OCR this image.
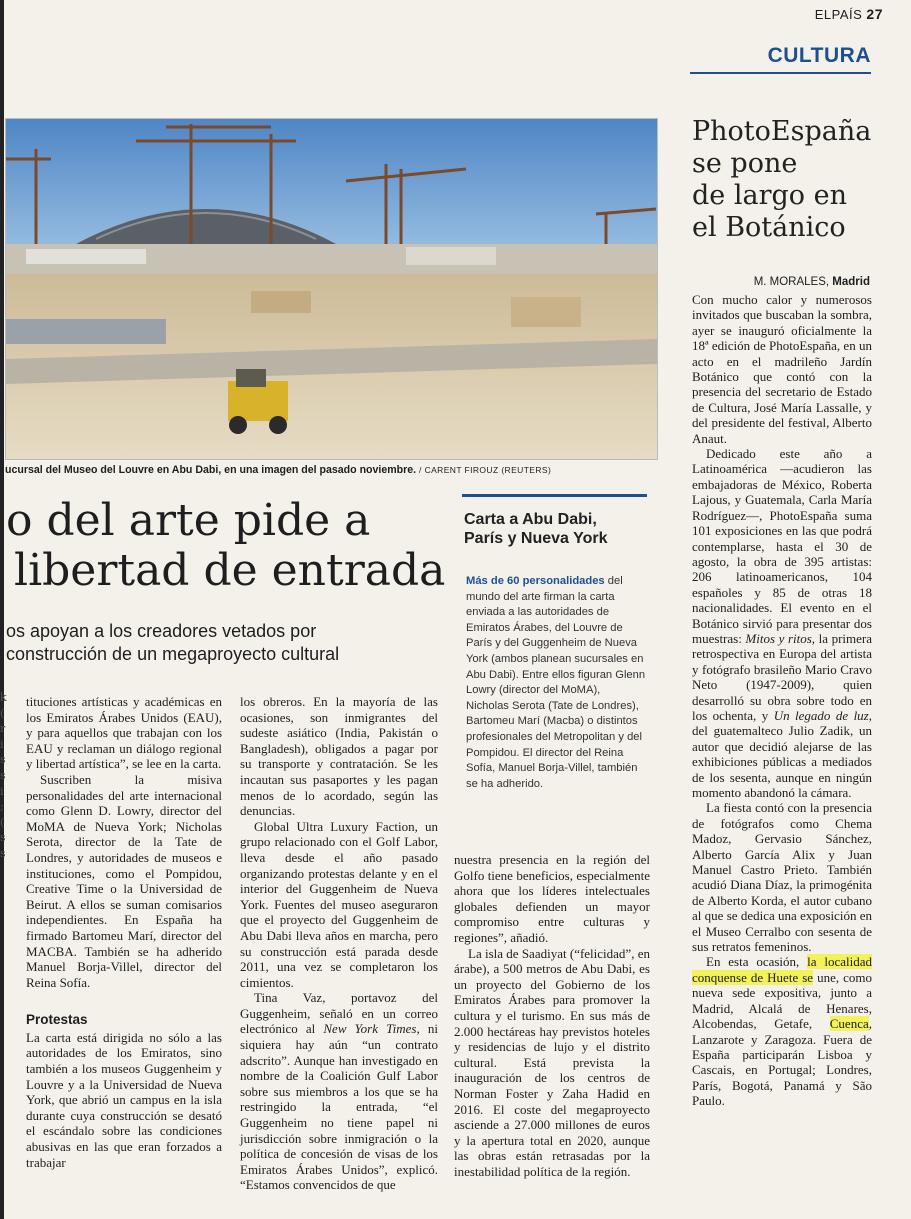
ELPAÍS 27
CULTURA
ucursal del Museo del Louvre en Abu Dabi, en una imagen del pasado noviembre. / CARENT FIROUZ (REUTERS)
o del arte pide a
libertad de entrada
os apoyan a los creadores vetados por
construcción de un megaproyecto cultural
Carta a Abu Dabi,
París y Nueva York
Más de 60 personalidades del mundo del arte firman la carta enviada a las autoridades de Emiratos Árabes, del Louvre de París y del Guggenheim de Nueva York (ambos planean sucursales en Abu Dabi). Entre ellos figuran Glenn Lowry (director del MoMA), Nicholas Serota (Tate de Londres), Bartomeu Marí (Macba) o distintos profesionales del Metropolitan y del Pompidou. El director del Reina Sofía, Manuel Borja-Villel, también se ha adherido.
k ( r i s s i ; ( s s

tituciones artísticas y académicas en los Emiratos Árabes Unidos (EAU), y para aquellos que trabajan con los EAU y reclaman un diálogo regional y libertad artística”, se lee en la carta.

Suscriben la misiva personalidades del arte internacional como Glenn D. Lowry, director del MoMA de Nueva York; Nicholas Serota, director de la Tate de Londres, y autoridades de museos e instituciones, como el Pompidou, Creative Time o la Universidad de Beirut. A ellos se suman comisarios independientes. En España ha firmado Bartomeu Marí, director del MACBA. También se ha adherido Manuel Borja-Villel, director del Reina Sofía.

Protestas

La carta está dirigida no sólo a las autoridades de los Emiratos, sino también a los museos Guggenheim y Louvre y a la Universidad de Nueva York, que abrió un campus en la isla durante cuya construcción se desató el escándalo sobre las condiciones abusivas en las que eran forzados a trabajar

los obreros. En la mayoría de las ocasiones, son inmigrantes del sudeste asiático (India, Pakistán o Bangladesh), obligados a pagar por su transporte y contratación. Se les incautan sus pasaportes y les pagan menos de lo acordado, según las denuncias.

Global Ultra Luxury Faction, un grupo relacionado con el Golf Labor, lleva desde el año pasado organizando protestas delante y en el interior del Guggenheim de Nueva York. Fuentes del museo aseguraron que el proyecto del Guggenheim de Abu Dabi lleva años en marcha, pero su construcción está parada desde 2011, una vez se completaron los cimientos.

Tina Vaz, portavoz del Guggenheim, señaló en un correo electrónico al New York Times, ni siquiera hay aún “un contrato adscrito”. Aunque han investigado en nombre de la Coalición Gulf Labor sobre sus miembros a los que se ha restringido la entrada, “el Guggenheim no tiene papel ni jurisdicción sobre inmigración o la política de concesión de visas de los Emiratos Árabes Unidos”, explicó. “Estamos convencidos de que

nuestra presencia en la región del Golfo tiene beneficios, especialmente ahora que los líderes intelectuales globales defienden un mayor compromiso entre culturas y regiones”, añadió.

La isla de Saadiyat (“felicidad”, en árabe), a 500 metros de Abu Dabi, es un proyecto del Gobierno de los Emiratos Árabes para promover la cultura y el turismo. En sus más de 2.000 hectáreas hay previstos hoteles y residencias de lujo y el distrito cultural. Está prevista la inauguración de los centros de Norman Foster y Zaha Hadid en 2016. El coste del megaproyecto asciende a 27.000 millones de euros y la apertura total en 2020, aunque las obras están retrasadas por la inestabilidad política de la región.

PhotoEspaña
se pone
de largo en
el Botánico
M. MORALES, Madrid

Con mucho calor y numerosos invitados que buscaban la sombra, ayer se inauguró oficialmente la 18ª edición de PhotoEspaña, en un acto en el madrileño Jardín Botánico que contó con la presencia del secretario de Estado de Cultura, José María Lassalle, y del presidente del festival, Alberto Anaut.

Dedicado este año a Latinoamérica —acudieron las embajadoras de México, Roberta Lajous, y Guatemala, Carla María Rodríguez—, PhotoEspaña suma 101 exposiciones en las que podrá contemplarse, hasta el 30 de agosto, la obra de 395 artistas: 206 latinoamericanos, 104 españoles y 85 de otras 18 nacionalidades. El evento en el Botánico sirvió para presentar dos muestras: Mitos y ritos, la primera retrospectiva en Europa del artista y fotógrafo brasileño Mario Cravo Neto (1947-2009), quien desarrolló su obra sobre todo en los ochenta, y Un legado de luz, del guatemalteco Julio Zadik, un autor que decidió alejarse de las exhibiciones públicas a mediados de los sesenta, aunque en ningún momento abandonó la cámara.

La fiesta contó con la presencia de fotógrafos como Chema Madoz, Gervasio Sánchez, Alberto García Alix y Juan Manuel Castro Prieto. También acudió Diana Díaz, la primogénita de Alberto Korda, el autor cubano al que se dedica una exposición en el Museo Cerralbo con sesenta de sus retratos femeninos.

En esta ocasión, la localidad conquense de Huete se une, como nueva sede expositiva, junto a Madrid, Alcalá de Henares, Alcobendas, Getafe, Cuenca, Lanzarote y Zaragoza. Fuera de España participarán Lisboa y Cascais, en Portugal; Londres, París, Bogotá, Panamá y São Paulo.
